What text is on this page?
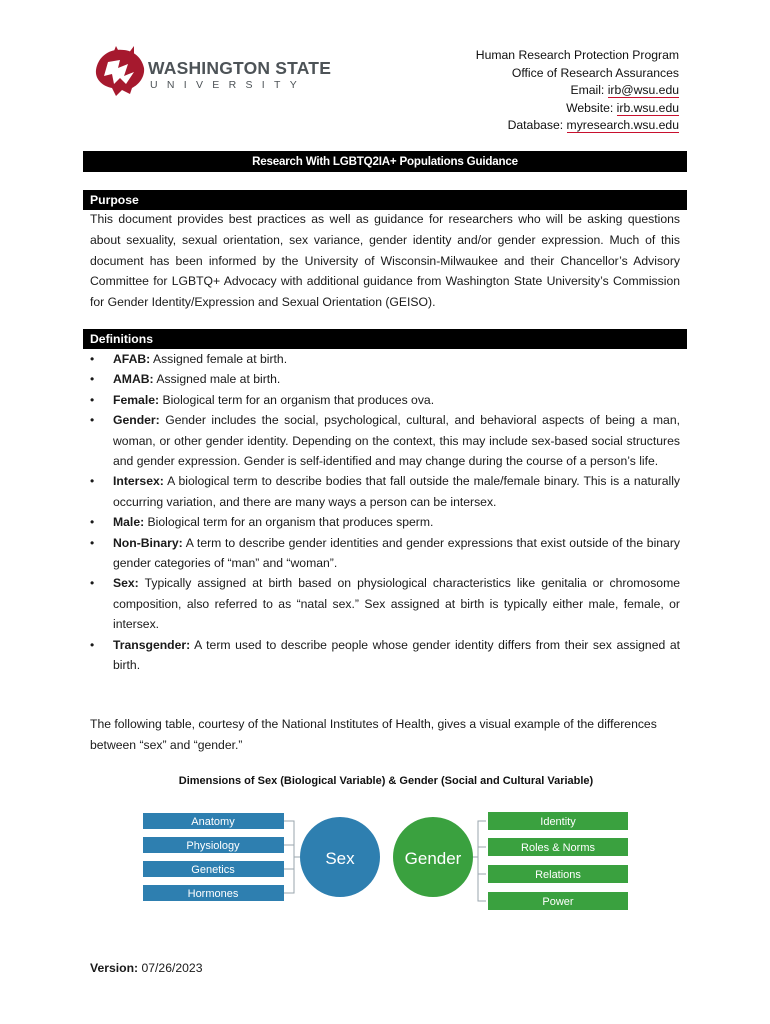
WASHINGTON STATE
UNIVERSITY
Human Research Protection Program
Office of Research Assurances
Email: irb@wsu.edu
Website: irb.wsu.edu
Database: myresearch.wsu.edu
Research With LGBTQ2IA+ Populations Guidance
Purpose
This document provides best practices as well as guidance for researchers who will be asking questions about sexuality, sexual orientation, sex variance, gender identity and/or gender expression. Much of this document has been informed by the University of Wisconsin-Milwaukee and their Chancellor’s Advisory Committee for LGBTQ+ Advocacy with additional guidance from Washington State University’s Commission for Gender Identity/Expression and Sexual Orientation (GEISO).
Definitions
• AFAB: Assigned female at birth.
• AMAB: Assigned male at birth.
• Female: Biological term for an organism that produces ova.
• Gender: Gender includes the social, psychological, cultural, and behavioral aspects of being a man, woman, or other gender identity. Depending on the context, this may include sex-based social structures and gender expression. Gender is self-identified and may change during the course of a person’s life.
• Intersex: A biological term to describe bodies that fall outside the male/female binary. This is a naturally occurring variation, and there are many ways a person can be intersex.
• Male: Biological term for an organism that produces sperm.
• Non-Binary: A term to describe gender identities and gender expressions that exist outside of the binary gender categories of “man” and “woman”.
• Sex: Typically assigned at birth based on physiological characteristics like genitalia or chromosome composition, also referred to as “natal sex.” Sex assigned at birth is typically either male, female, or intersex.
• Transgender: A term used to describe people whose gender identity differs from their sex assigned at birth.
The following table, courtesy of the National Institutes of Health, gives a visual example of the differences between “sex” and “gender.”
Dimensions of Sex (Biological Variable) & Gender (Social and Cultural Variable)
Anatomy
Physiology
Genetics
Hormones
Identity
Roles & Norms
Relations
Power
Sex	Gender
Version: 07/26/2023
